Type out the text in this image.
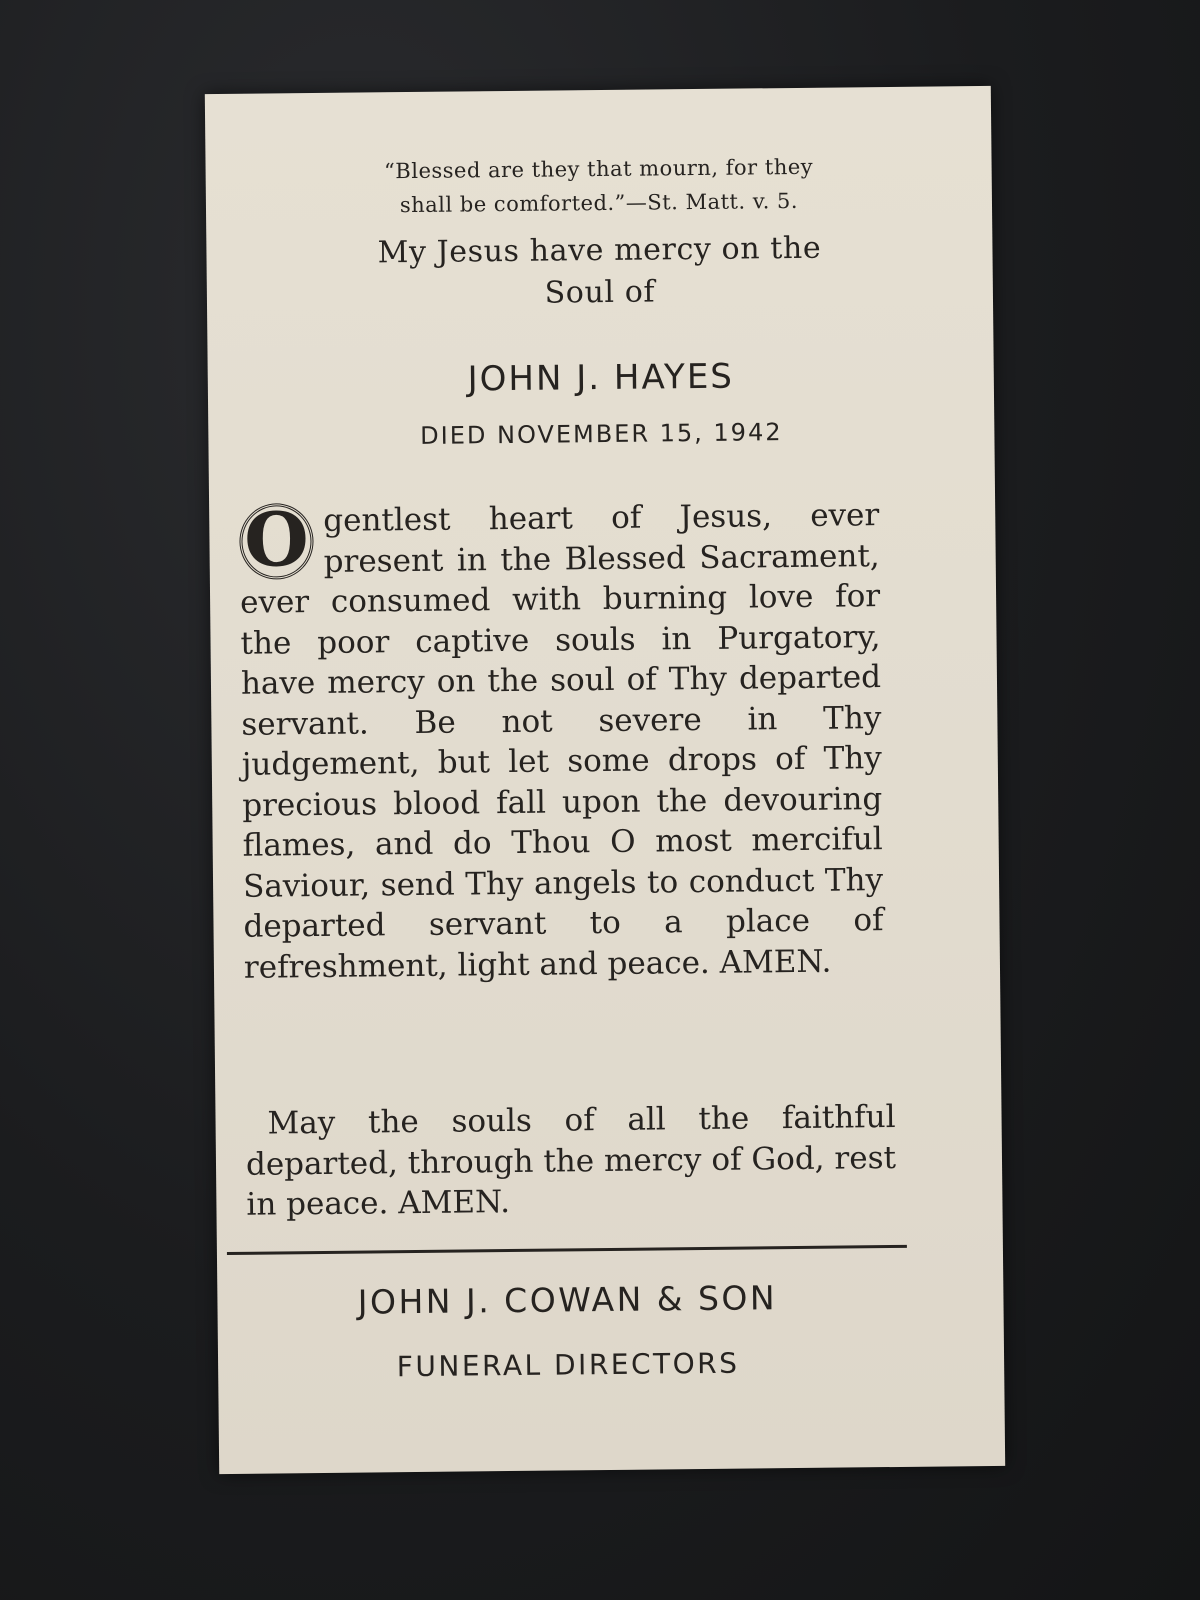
“Blessed are they that mourn, for they
shall be comforted.”—St. Matt. v. 5.
My Jesus have mercy on the
Soul of
JOHN J. HAYES
DIED NOVEMBER 15, 1942
O gentlest heart of Jesus, ever present in the Blessed Sacrament, ever consumed with burning love for the poor captive souls in Purgatory, have mercy on the soul of Thy departed servant. Be not severe in Thy judgement, but let some drops of Thy precious blood fall upon the devouring flames, and do Thou O most merciful Saviour, send Thy angels to conduct Thy departed servant to a place of refreshment, light and peace. AMEN.
May the souls of all the faithful departed, through the mercy of God, rest in peace. AMEN.
JOHN J. COWAN & SON
FUNERAL DIRECTORS
